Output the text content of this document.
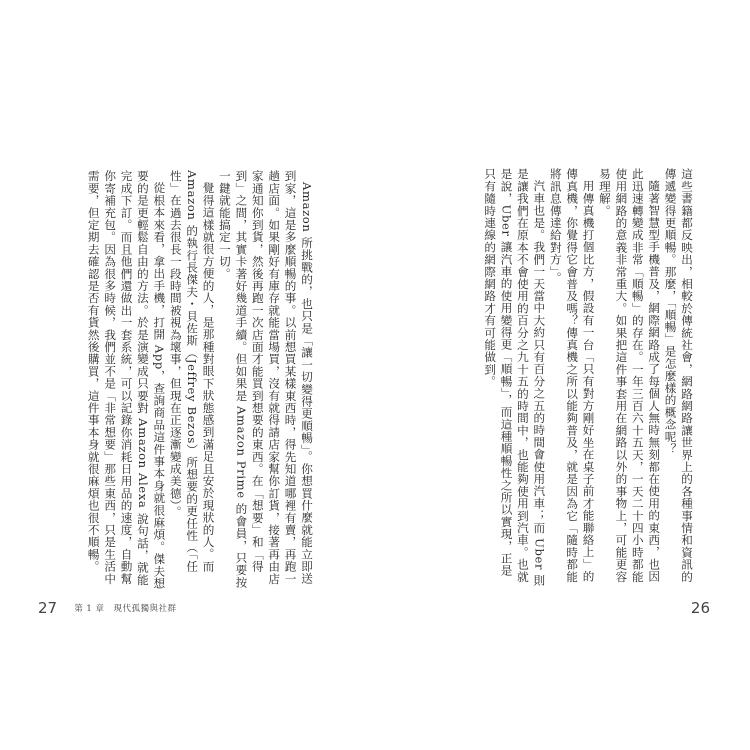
Amazon 所挑戰的，也只是「讓一切變得更順暢」。你想買什麼就能立即送到家，這是多麼順暢的事。以前想買某樣東西時，得先知道哪裡有賣，再跑一趟店面。如果剛好有庫存就能當場買，沒有就得請店家幫你訂貨，接著再由店家通知你到貨，然後再跑一次店面才能買到想要的東西。在「想要」和「得到」之間，其實卡著好幾道手續。但如果是 Amazon Prime 的會員，只要按一鍵就能搞定一切。

覺得這樣就很方便的人，是那種對眼下狀態感到滿足且安於現狀的人。而 Amazon 的執行長傑夫・貝佐斯（Jeffrey Bezos）所想要的更任性（「任性」在過去很長一段時間被視為壞事，但現在正逐漸變成美德）。

從根本來看，拿出手機，打開 App，查詢商品這件事本身就很麻煩。傑夫想要的是更輕鬆自由的方法。於是演變成只要對 Amazon Alexa 說句話，就能完成下訂。而且他們還做出一套系統，可以記錄你消耗日用品的速度，自動幫你寄補充包。因為很多時候，我們並不是「非常想要」那些東西，只是生活中需要，但定期去確認是否有貨然後購買，這件事本身就很麻煩也很不順暢。

27 第 1 章　現代孤獨與社群

這些書籍都反映出，相較於傳統社會，網路網路讓世界上的各種事情和資訊的傳遞變得更順暢。那麼，「順暢」是怎麼樣的概念呢？

隨著智慧型手機普及，網際網路成了每個人無時無刻都在使用的東西，也因此迅速轉變成非常「順暢」的存在。一年三百六十五天，一天二十四小時都能使用網路的意義非常重大。如果把這件事套用在網路以外的事物上，可能更容易理解。

用傳真機打個比方，假設有一台「只有對方剛好坐在桌子前才能聯絡上」的傳真機，你覺得它會普及嗎？傳真機之所以能夠普及，就是因為它「隨時都能將訊息傳達給對方」。

汽車也是。我們一天當中大約只有百分之五的時間會使用汽車；而 Uber 則是讓我們在原本不會使用的百分之九十五的時間中，也能夠使用到汽車。也就是說，Uber 讓汽車的使用變得更「順暢」，而這種順暢性之所以實現，正是只有隨時連線的網際網路才有可能做到。

26
